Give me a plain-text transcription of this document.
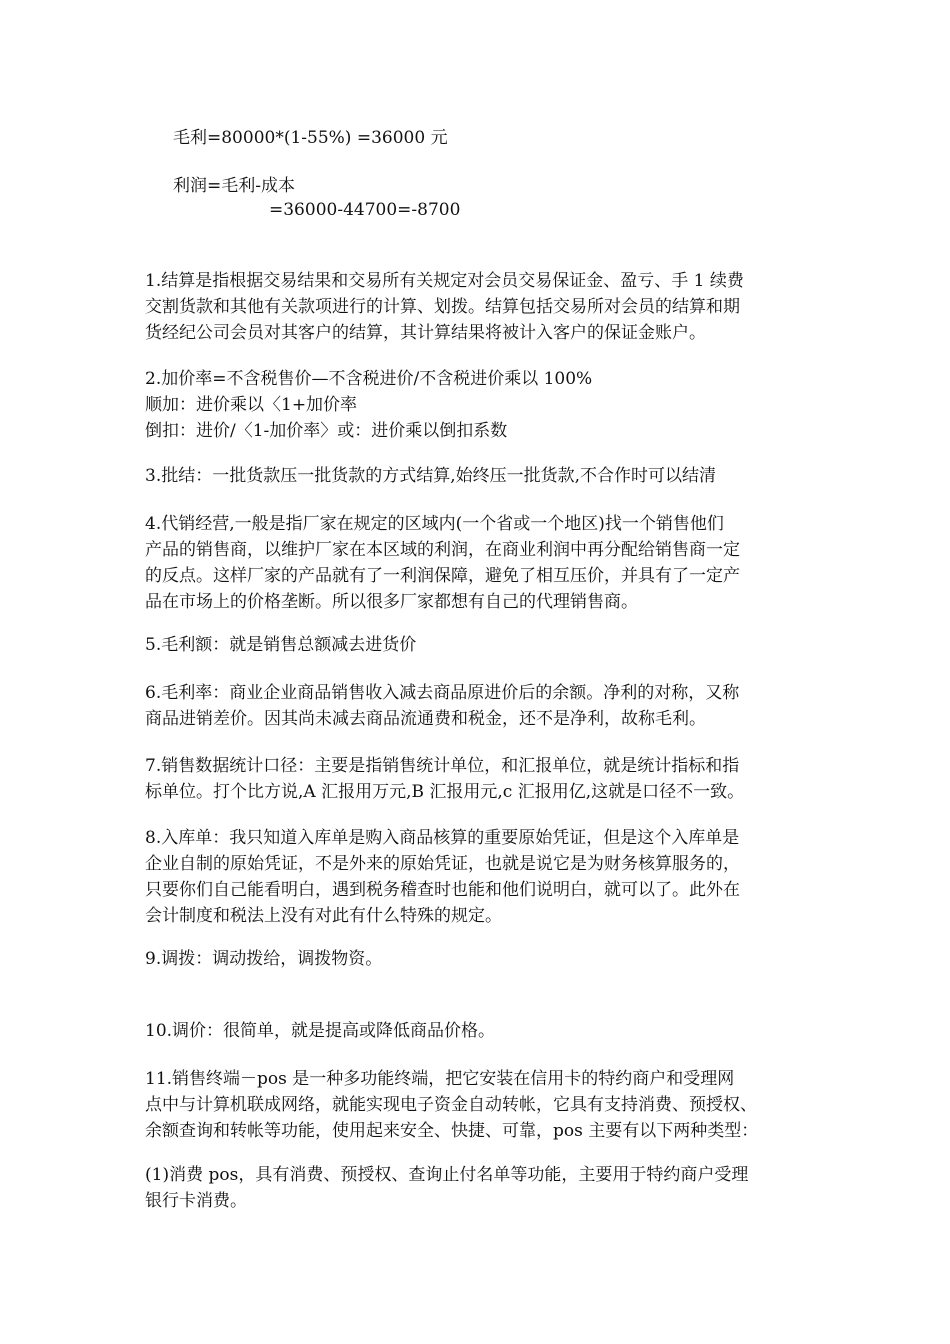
毛利=80000*(1-55%) =36000 元
利润=毛利-成本
=36000-44700=-8700
1.结算是指根据交易结果和交易所有关规定对会员交易保证金、盈亏、手 1 续费
交割货款和其他有关款项进行的计算、划拨。结算包括交易所对会员的结算和期
货经纪公司会员对其客户的结算，其计算结果将被计入客户的保证金账户。
2.加价率=不含税售价—不含税进价/不含税进价乘以 100%
顺加：进价乘以〈1+加价率
倒扣：进价/〈1-加价率〉或：进价乘以倒扣系数
3.批结：一批货款压一批货款的方式结算,始终压一批货款,不合作时可以结清
4.代销经营,一般是指厂家在规定的区域内(一个省或一个地区)找一个销售他们
产品的销售商，以维护厂家在本区域的利润，在商业利润中再分配给销售商一定
的反点。这样厂家的产品就有了一利润保障，避免了相互压价，并具有了一定产
品在市场上的价格垄断。所以很多厂家都想有自己的代理销售商。
5.毛利额：就是销售总额减去进货价
6.毛利率：商业企业商品销售收入减去商品原进价后的余额。净利的对称，又称
商品进销差价。因其尚未减去商品流通费和税金，还不是净利，故称毛利。
7.销售数据统计口径：主要是指销售统计单位，和汇报单位，就是统计指标和指
标单位。打个比方说,A 汇报用万元,B 汇报用元,c 汇报用亿,这就是口径不一致。
8.入库单：我只知道入库单是购入商品核算的重要原始凭证，但是这个入库单是
企业自制的原始凭证，不是外来的原始凭证，也就是说它是为财务核算服务的，
只要你们自己能看明白，遇到税务稽查时也能和他们说明白，就可以了。此外在
会计制度和税法上没有对此有什么特殊的规定。
9.调拨：调动拨给，调拨物资。
10.调价：很简单，就是提高或降低商品价格。
11.销售终端－pos 是一种多功能终端，把它安装在信用卡的特约商户和受理网
点中与计算机联成网络，就能实现电子资金自动转帐，它具有支持消费、预授权、
余额查询和转帐等功能，使用起来安全、快捷、可靠，pos 主要有以下两种类型：
(1)消费 pos，具有消费、预授权、查询止付名单等功能，主要用于特约商户受理
银行卡消费。
